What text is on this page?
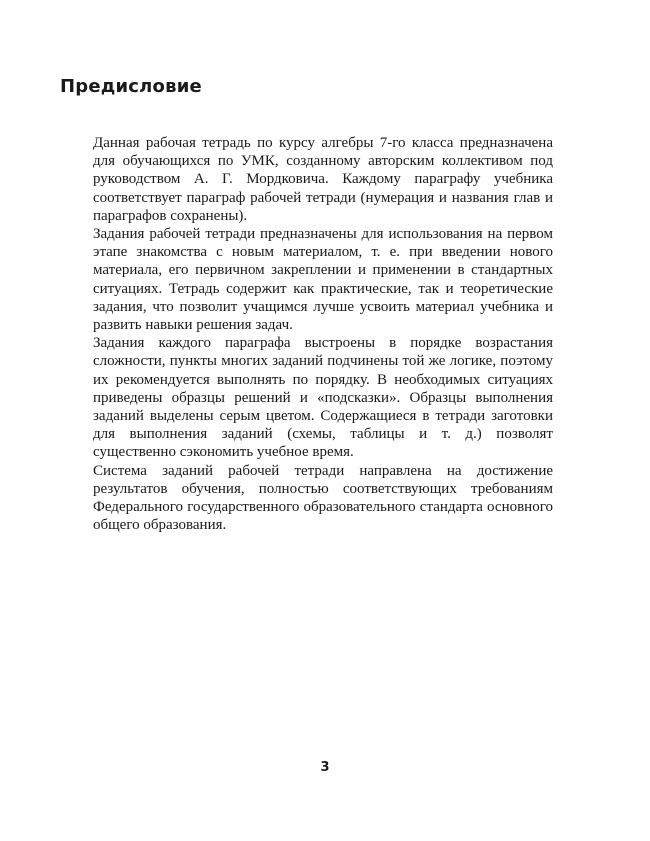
Предисловие

Данная рабочая тетрадь по курсу алгебры 7-го класса предназначена для обучающихся по УМК, созданному авторским коллективом под руководством А. Г. Мордковича. Каждому параграфу учебника соответствует параграф рабочей тетради (нумерация и названия глав и параграфов сохранены).

Задания рабочей тетради предназначены для использования на первом этапе знакомства с новым материалом, т. е. при введении нового материала, его первичном закреплении и применении в стандартных ситуациях. Тетрадь содержит как практические, так и теоретические задания, что позволит учащимся лучше усвоить материал учебника и развить навыки решения задач.

Задания каждого параграфа выстроены в порядке возрастания сложности, пункты многих заданий подчинены той же логике, поэтому их рекомендуется выполнять по порядку. В необходимых ситуациях приведены образцы решений и «подсказки». Образцы выполнения заданий выделены серым цветом. Содержащиеся в тетради заготовки для выполнения заданий (схемы, таблицы и т. д.) позволят существенно сэкономить учебное время.

Система заданий рабочей тетради направлена на достижение результатов обучения, полностью соответствующих требованиям Федерального государственного образовательного стандарта основного общего образования.

3
